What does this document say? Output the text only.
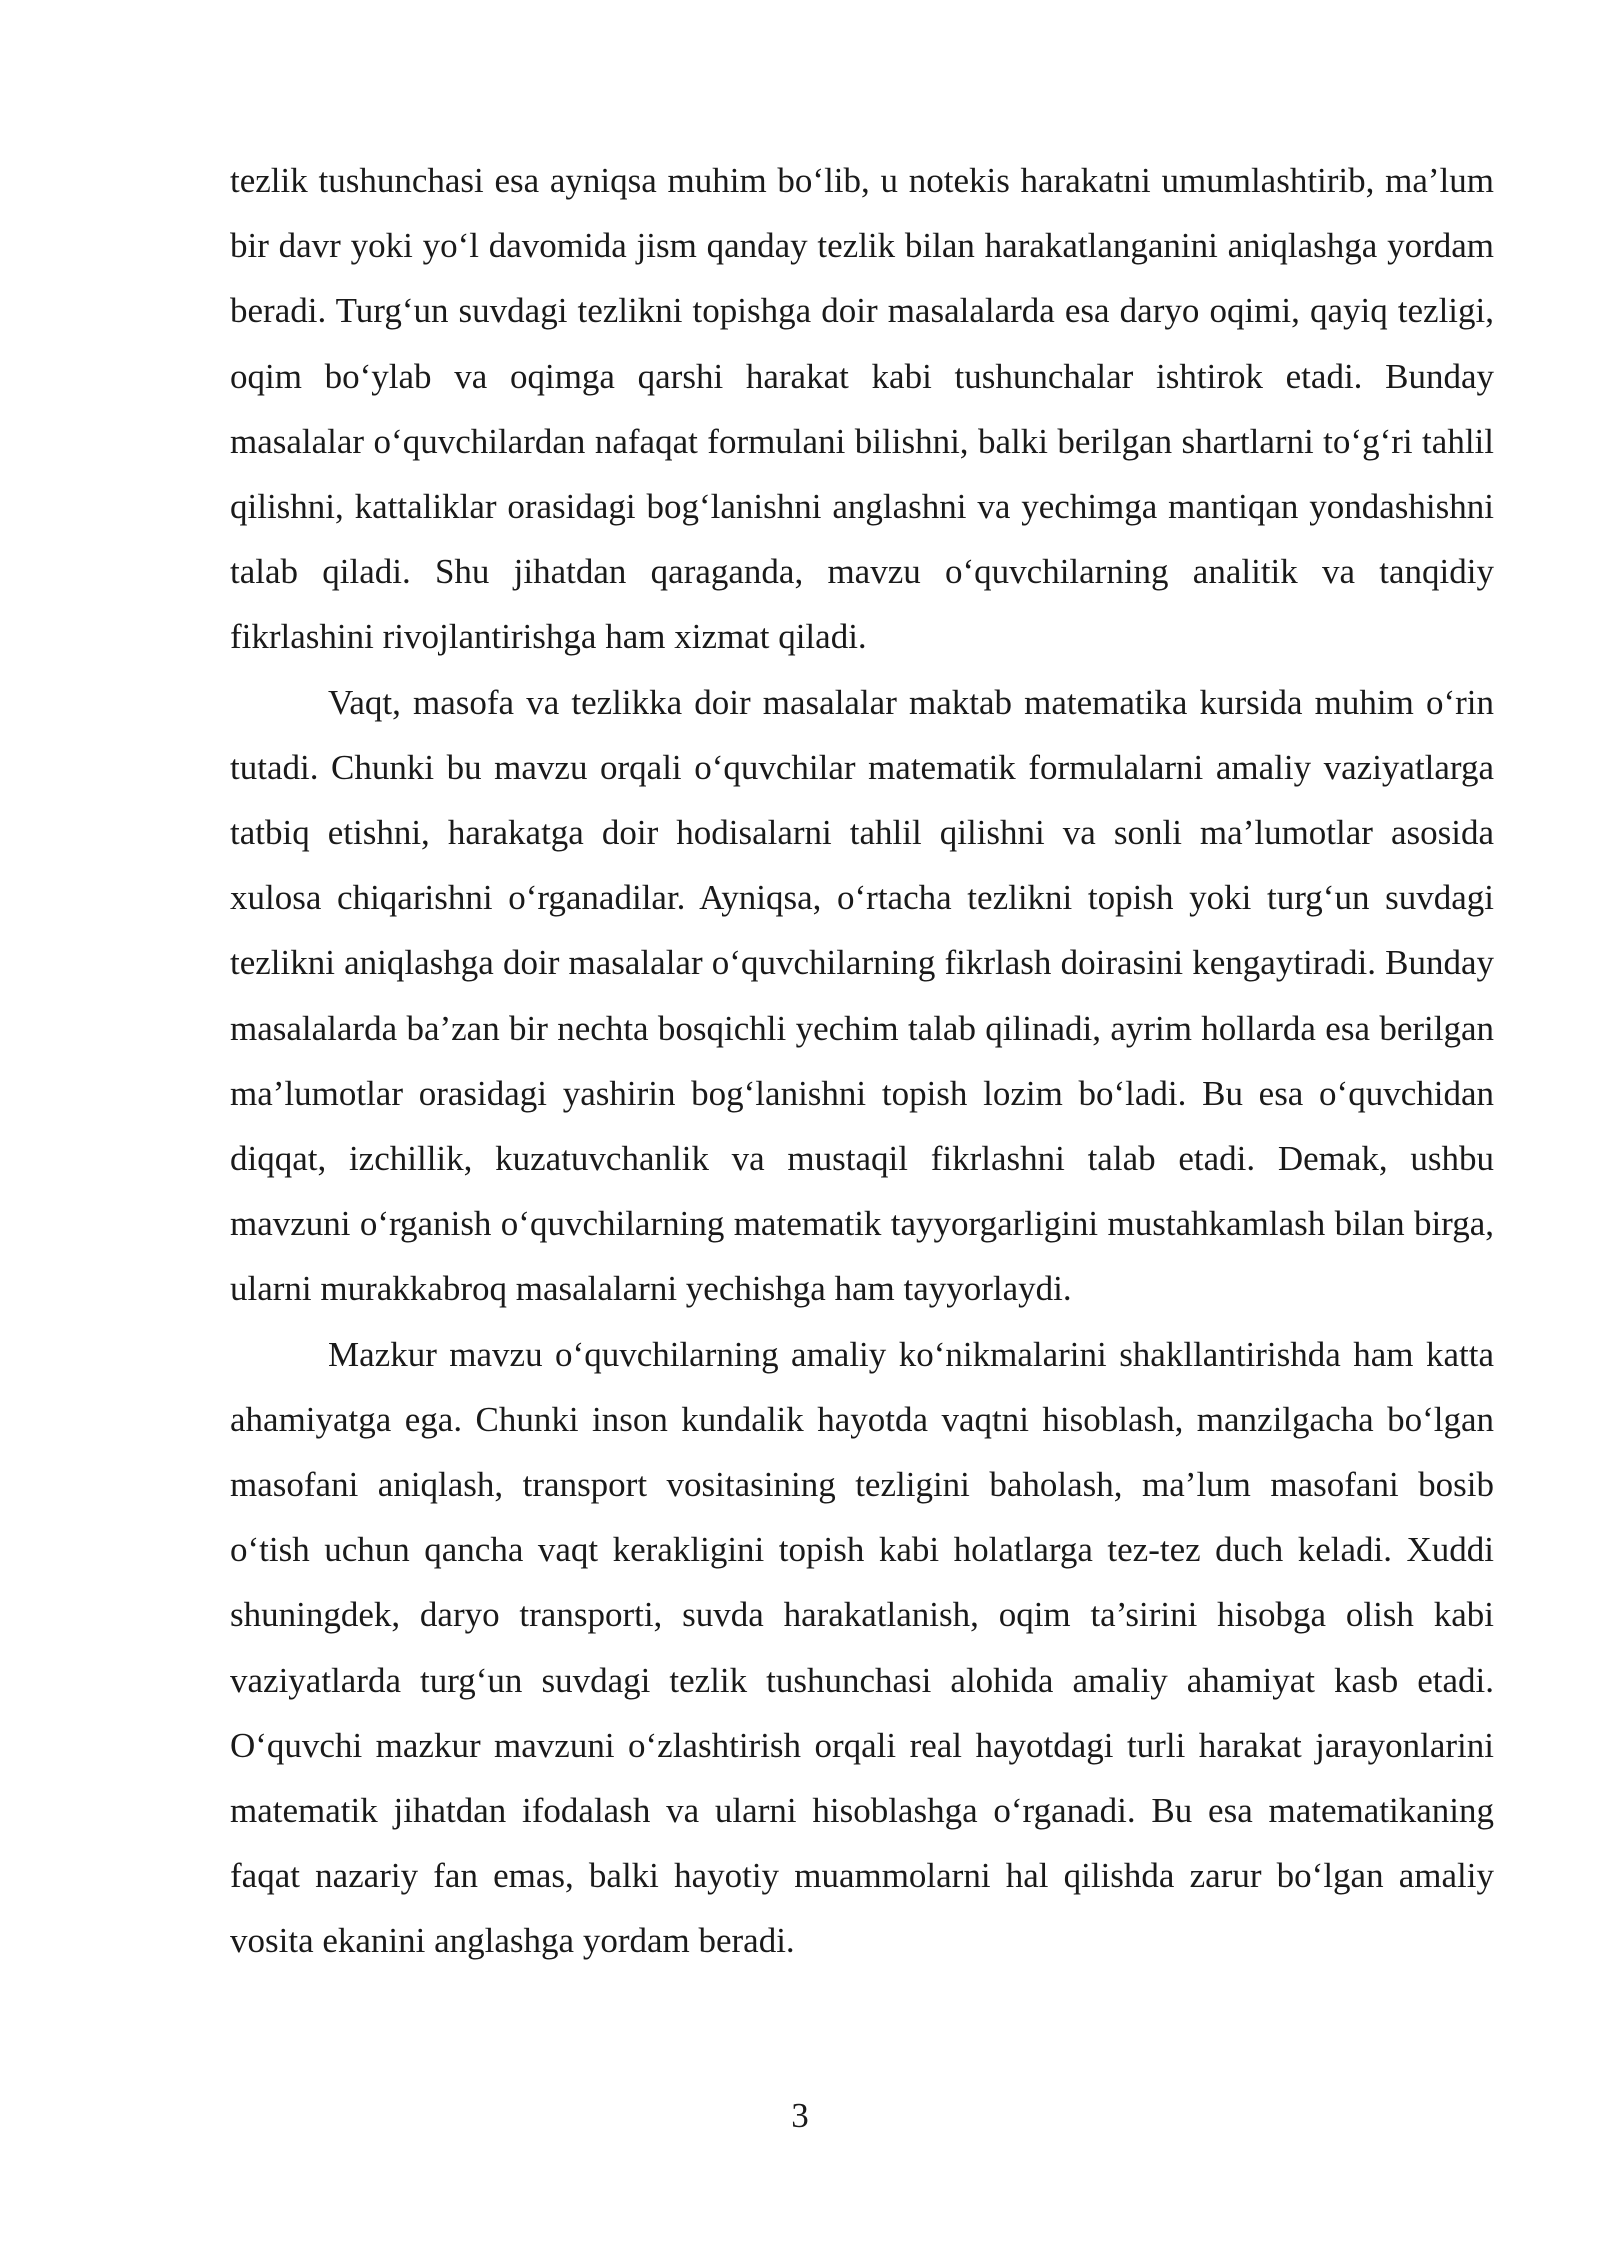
tezlik tushunchasi esa ayniqsa muhim bo‘lib, u notekis harakatni umumlashtirib, ma’lum bir davr yoki yo‘l davomida jism qanday tezlik bilan harakatlanganini aniqlashga yordam beradi. Turg‘un suvdagi tezlikni topishga doir masalalarda esa daryo oqimi, qayiq tezligi, oqim bo‘ylab va oqimga qarshi harakat kabi tushunchalar ishtirok etadi. Bunday masalalar o‘quvchilardan nafaqat formulani bilishni, balki berilgan shartlarni to‘g‘ri tahlil qilishni, kattaliklar orasidagi bog‘lanishni anglashni va yechimga mantiqan yondashishni talab qiladi. Shu jihatdan qaraganda, mavzu o‘quvchilarning analitik va tanqidiy fikrlashini rivojlantirishga ham xizmat qiladi.

Vaqt, masofa va tezlikka doir masalalar maktab matematika kursida muhim o‘rin tutadi. Chunki bu mavzu orqali o‘quvchilar matematik formulalarni amaliy vaziyatlarga tatbiq etishni, harakatga doir hodisalarni tahlil qilishni va sonli ma’lumotlar asosida xulosa chiqarishni o‘rganadilar. Ayniqsa, o‘rtacha tezlikni topish yoki turg‘un suvdagi tezlikni aniqlashga doir masalalar o‘quvchilarning fikrlash doirasini kengaytiradi. Bunday masalalarda ba’zan bir nechta bosqichli yechim talab qilinadi, ayrim hollarda esa berilgan ma’lumotlar orasidagi yashirin bog‘lanishni topish lozim bo‘ladi. Bu esa o‘quvchidan diqqat, izchillik, kuzatuvchanlik va mustaqil fikrlashni talab etadi. Demak, ushbu mavzuni o‘rganish o‘quvchilarning matematik tayyorgarligini mustahkamlash bilan birga, ularni murakkabroq masalalarni yechishga ham tayyorlaydi.

Mazkur mavzu o‘quvchilarning amaliy ko‘nikmalarini shakllantirishda ham katta ahamiyatga ega. Chunki inson kundalik hayotda vaqtni hisoblash, manzilgacha bo‘lgan masofani aniqlash, transport vositasining tezligini baholash, ma’lum masofani bosib o‘tish uchun qancha vaqt kerakligini topish kabi holatlarga tez-tez duch keladi. Xuddi shuningdek, daryo transporti, suvda harakatlanish, oqim ta’sirini hisobga olish kabi vaziyatlarda turg‘un suvdagi tezlik tushunchasi alohida amaliy ahamiyat kasb etadi. O‘quvchi mazkur mavzuni o‘zlashtirish orqali real hayotdagi turli harakat jarayonlarini matematik jihatdan ifodalash va ularni hisoblashga o‘rganadi. Bu esa matematikaning faqat nazariy fan emas, balki hayotiy muammolarni hal qilishda zarur bo‘lgan amaliy vosita ekanini anglashga yordam beradi.

3
